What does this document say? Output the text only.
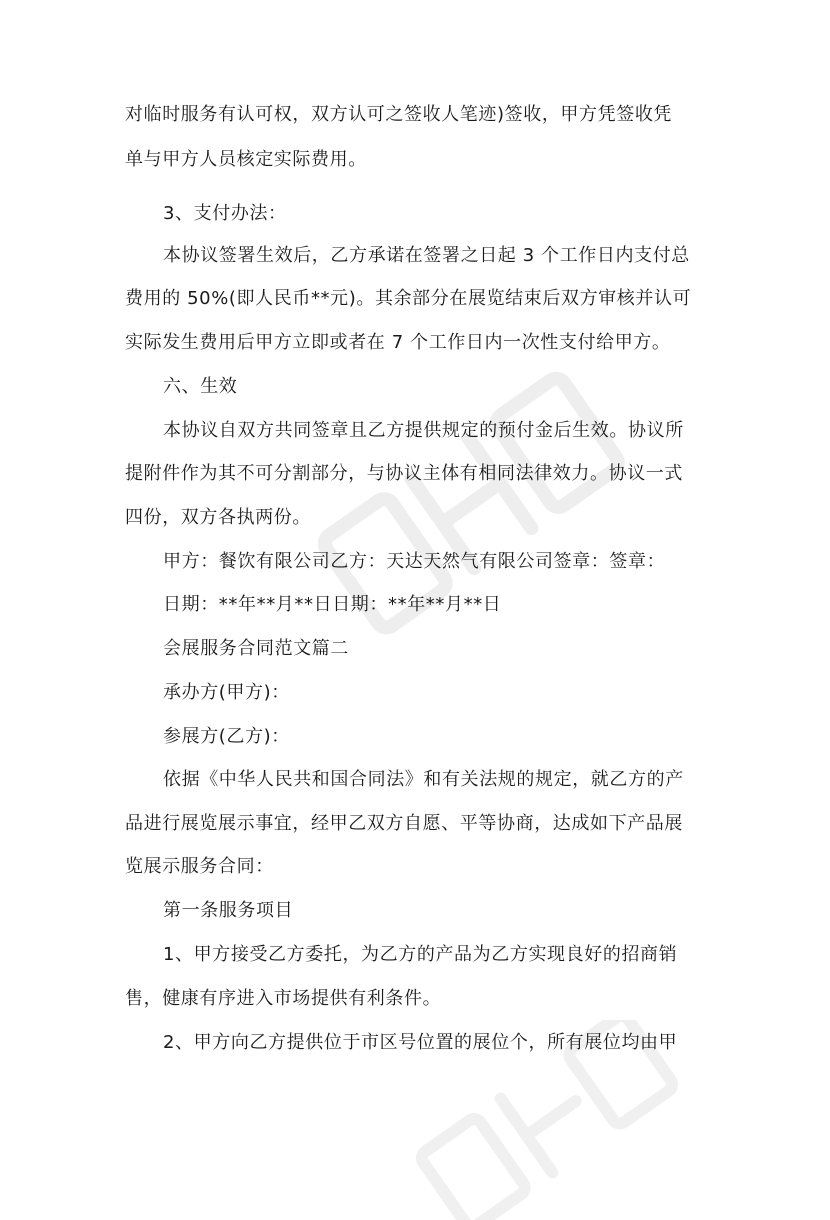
对临时服务有认可权，双方认可之签收人笔迹)签收，甲方凭签收凭
单与甲方人员核定实际费用。
3、支付办法：
本协议签署生效后，乙方承诺在签署之日起 3 个工作日内支付总
费用的 50%(即人民币**元)。其余部分在展览结束后双方审核并认可
实际发生费用后甲方立即或者在 7 个工作日内一次性支付给甲方。
六、生效
本协议自双方共同签章且乙方提供规定的预付金后生效。协议所
提附件作为其不可分割部分，与协议主体有相同法律效力。协议一式
四份，双方各执两份。
甲方：餐饮有限公司乙方：天达天然气有限公司签章：签章：
日期：**年**月**日日期：**年**月**日
会展服务合同范文篇二
承办方(甲方)：
参展方(乙方)：
依据《中华人民共和国合同法》和有关法规的规定，就乙方的产
品进行展览展示事宜，经甲乙双方自愿、平等协商，达成如下产品展
览展示服务合同：
第一条服务项目
1、甲方接受乙方委托，为乙方的产品为乙方实现良好的招商销
售，健康有序进入市场提供有利条件。
2、甲方向乙方提供位于市区号位置的展位个，所有展位均由甲
